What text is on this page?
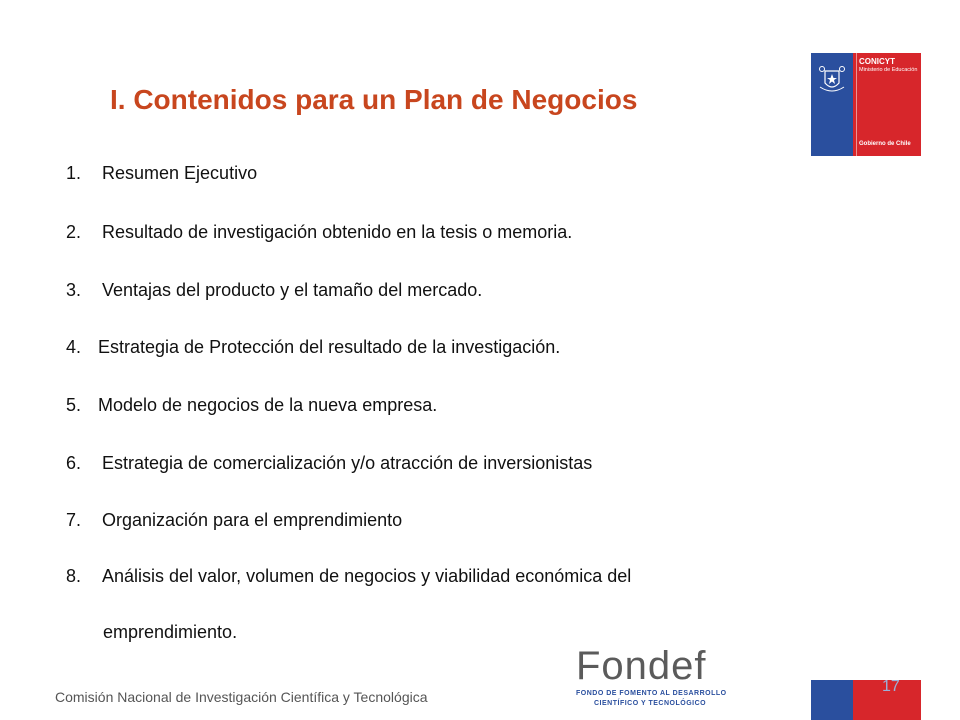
I. Contenidos para un Plan de Negocios
CONICYT
Ministerio de Educación
Gobierno de Chile
1. Resumen Ejecutivo
2. Resultado de investigación obtenido en la tesis o memoria.
3. Ventajas del producto y el tamaño del mercado.
4. Estrategia de Protección del resultado de la investigación.
5. Modelo de negocios de la nueva empresa.
6. Estrategia de comercialización y/o atracción de inversionistas
7. Organización para el emprendimiento
8. Análisis del valor, volumen de negocios y viabilidad económica del
emprendimiento.
Comisión Nacional de Investigación Científica y Tecnológica
Fondef
FONDO DE FOMENTO AL DESARROLLO
CIENTÍFICO Y TECNOLÓGICO
17
